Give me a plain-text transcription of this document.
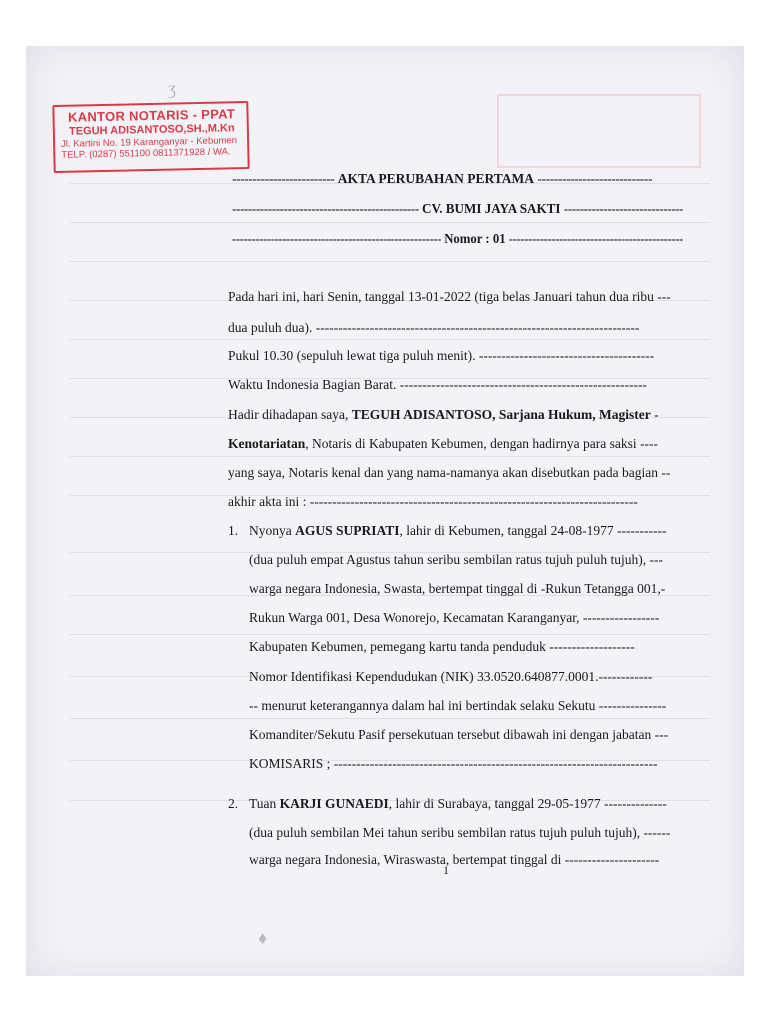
ʒ
♦
KANTOR NOTARIS - PPAT
TEGUH ADISANTOSO,SH.,M.Kn
Jl. Kartini No. 19 Karanganyar - Kebumen
TELP. (0287) 551100 0811371928 / WA.
------------------------- AKTA PERUBAHAN PERTAMA ----------------------------
----------------------------------------------- CV. BUMI JAYA SAKTI ------------------------------
------------------------------------------------------ Nomor : 01 ---------------------------------------------
Pada hari ini, hari Senin, tanggal 13-01-2022 (tiga belas Januari tahun dua ribu ---
dua puluh dua). ------------------------------------------------------------------------
Pukul 10.30 (sepuluh lewat tiga puluh menit). ---------------------------------------
Waktu Indonesia Bagian Barat. -------------------------------------------------------
Hadir dihadapan saya, TEGUH ADISANTOSO, Sarjana Hukum, Magister -
Kenotariatan, Notaris di Kabupaten Kebumen, dengan hadirnya para saksi ----
yang saya, Notaris kenal dan yang nama-namanya akan disebutkan pada bagian --
akhir akta ini : -------------------------------------------------------------------------
1. Nyonya AGUS SUPRIATI, lahir di Kebumen, tanggal 24-08-1977 -----------
(dua puluh empat Agustus tahun seribu sembilan ratus tujuh puluh tujuh), ---
warga negara Indonesia, Swasta, bertempat tinggal di -Rukun Tetangga 001,-
Rukun Warga 001, Desa Wonorejo, Kecamatan Karanganyar, -----------------
Kabupaten Kebumen, pemegang kartu tanda penduduk -------------------
Nomor Identifikasi Kependudukan (NIK) 33.0520.640877.0001.------------
-- menurut keterangannya dalam hal ini bertindak selaku Sekutu ---------------
Komanditer/Sekutu Pasif persekutuan tersebut dibawah ini dengan jabatan ---
KOMISARIS ; ------------------------------------------------------------------------
2. Tuan KARJI GUNAEDI, lahir di Surabaya, tanggal 29-05-1977 --------------
(dua puluh sembilan Mei tahun seribu sembilan ratus tujuh puluh tujuh), ------
warga negara Indonesia, Wiraswasta, bertempat tinggal di ---------------------
1
